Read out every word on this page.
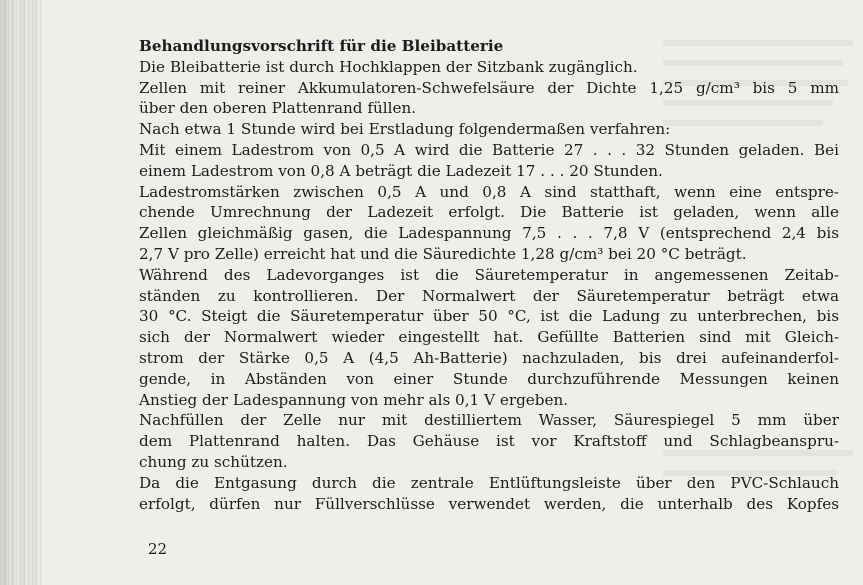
Behandlungsvorschrift für die Bleibatterie
Die Bleibatterie ist durch Hochklappen der Sitzbank zugänglich.
Zellen mit reiner Akkumulatoren-Schwefelsäure der Dichte 1,25 g/cm³ bis 5 mm
über den oberen Plattenrand füllen.
Nach etwa 1 Stunde wird bei Erstladung folgendermaßen verfahren:
Mit einem Ladestrom von 0,5 A wird die Batterie 27 . . . 32 Stunden geladen. Bei
einem Ladestrom von 0,8 A beträgt die Ladezeit 17 . . . 20 Stunden.
Ladestromstärken zwischen 0,5 A und 0,8 A sind statthaft, wenn eine entspre-
chende Umrechnung der Ladezeit erfolgt. Die Batterie ist geladen, wenn alle
Zellen gleichmäßig gasen, die Ladespannung 7,5 . . . 7,8 V (entsprechend 2,4 bis
2,7 V pro Zelle) erreicht hat und die Säuredichte 1,28 g/cm³ bei 20 °C beträgt.
Während des Ladevorganges ist die Säuretemperatur in angemessenen Zeitab-
ständen zu kontrollieren. Der Normalwert der Säuretemperatur beträgt etwa
30 °C. Steigt die Säuretemperatur über 50 °C, ist die Ladung zu unterbrechen, bis
sich der Normalwert wieder eingestellt hat. Gefüllte Batterien sind mit Gleich-
strom der Stärke 0,5 A (4,5 Ah-Batterie) nachzuladen, bis drei aufeinanderfol-
gende, in Abständen von einer Stunde durchzuführende Messungen keinen
Anstieg der Ladespannung von mehr als 0,1 V ergeben.
Nachfüllen der Zelle nur mit destilliertem Wasser, Säurespiegel 5 mm über
dem Plattenrand halten. Das Gehäuse ist vor Kraftstoff und Schlagbeanspru-
chung zu schützen.
Da die Entgasung durch die zentrale Entlüftungsleiste über den PVC-Schlauch
erfolgt, dürfen nur Füllverschlüsse verwendet werden, die unterhalb des Kopfes
22
